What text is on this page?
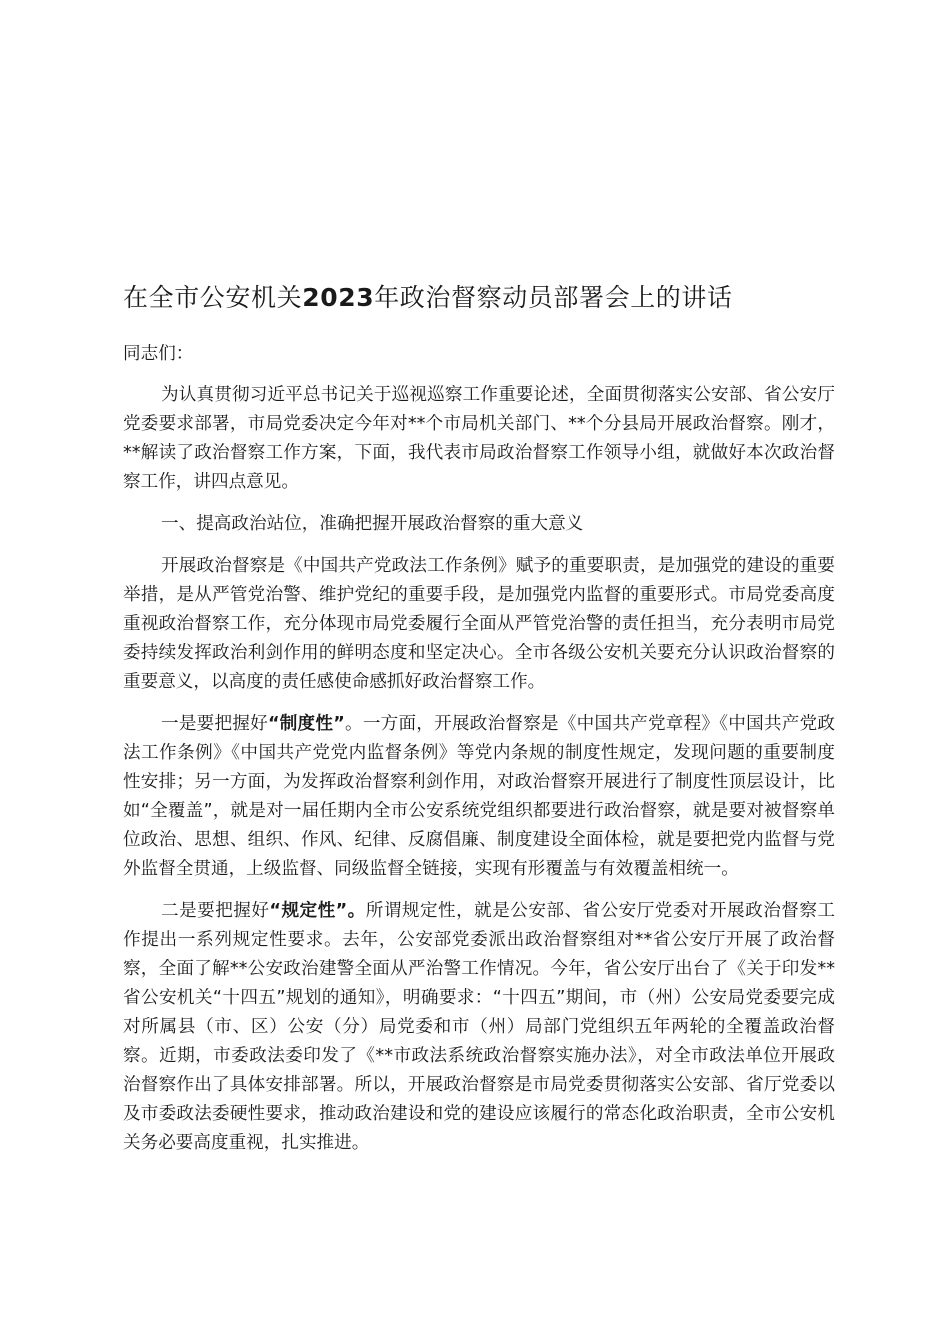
在全市公安机关2023年政治督察动员部署会上的讲话

同志们：

为认真贯彻习近平总书记关于巡视巡察工作重要论述，全面贯彻落实公安部、省公安厅党委要求部署，市局党委决定今年对**个市局机关部门、**个分县局开展政治督察。刚才，**解读了政治督察工作方案，下面，我代表市局政治督察工作领导小组，就做好本次政治督察工作，讲四点意见。

一、提高政治站位，准确把握开展政治督察的重大意义

开展政治督察是《中国共产党政法工作条例》赋予的重要职责，是加强党的建设的重要举措，是从严管党治警、维护党纪的重要手段，是加强党内监督的重要形式。市局党委高度重视政治督察工作，充分体现市局党委履行全面从严管党治警的责任担当，充分表明市局党委持续发挥政治利剑作用的鲜明态度和坚定决心。全市各级公安机关要充分认识政治督察的重要意义，以高度的责任感使命感抓好政治督察工作。

一是要把握好“制度性”。一方面，开展政治督察是《中国共产党章程》《中国共产党政法工作条例》《中国共产党党内监督条例》等党内条规的制度性规定，发现问题的重要制度性安排；另一方面，为发挥政治督察利剑作用，对政治督察开展进行了制度性顶层设计，比如“全覆盖”，就是对一届任期内全市公安系统党组织都要进行政治督察，就是要对被督察单位政治、思想、组织、作风、纪律、反腐倡廉、制度建设全面体检，就是要把党内监督与党外监督全贯通，上级监督、同级监督全链接，实现有形覆盖与有效覆盖相统一。

二是要把握好“规定性”。所谓规定性，就是公安部、省公安厅党委对开展政治督察工作提出一系列规定性要求。去年，公安部党委派出政治督察组对**省公安厅开展了政治督察，全面了解**公安政治建警全面从严治警工作情况。今年，省公安厅出台了《关于印发**省公安机关“十四五”规划的通知》，明确要求：“十四五”期间，市（州）公安局党委要完成对所属县（市、区）公安（分）局党委和市（州）局部门党组织五年两轮的全覆盖政治督察。近期，市委政法委印发了《**市政法系统政治督察实施办法》，对全市政法单位开展政治督察作出了具体安排部署。所以，开展政治督察是市局党委贯彻落实公安部、省厅党委以及市委政法委硬性要求，推动政治建设和党的建设应该履行的常态化政治职责，全市公安机关务必要高度重视，扎实推进。
